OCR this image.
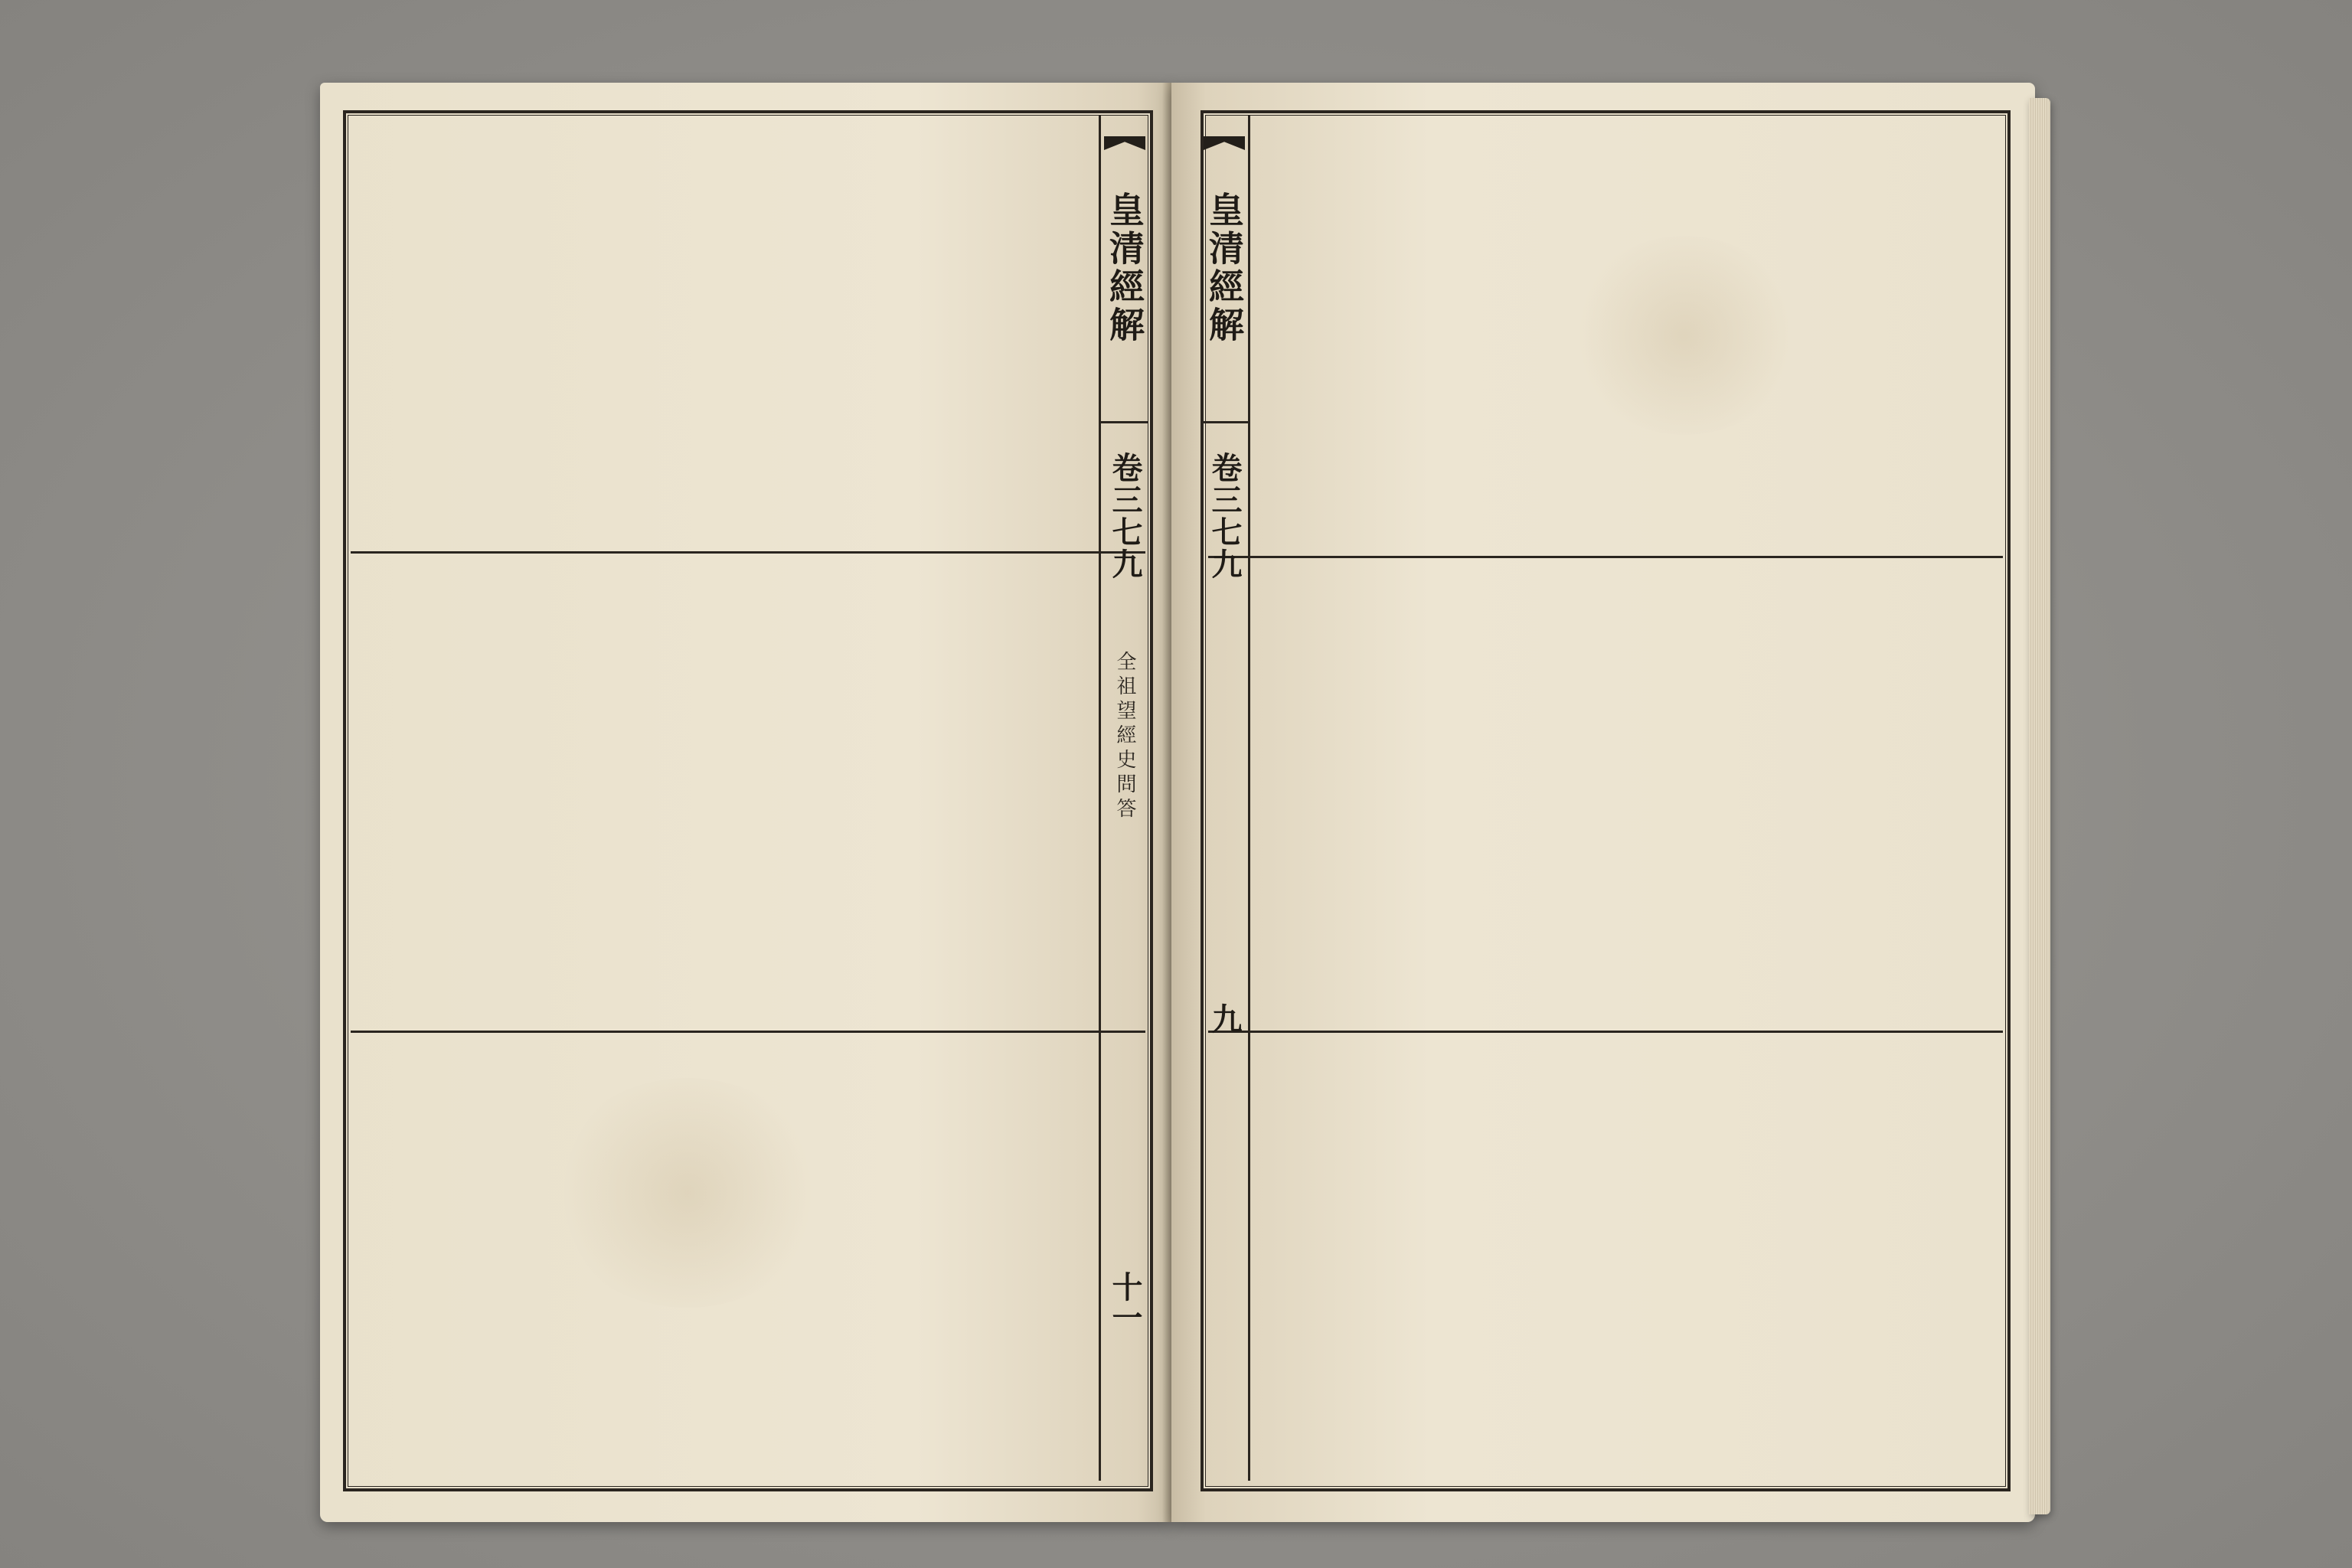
皇清經解
卷三七九
全祖望經史問答
十一
皇清經解
卷三七九
九
